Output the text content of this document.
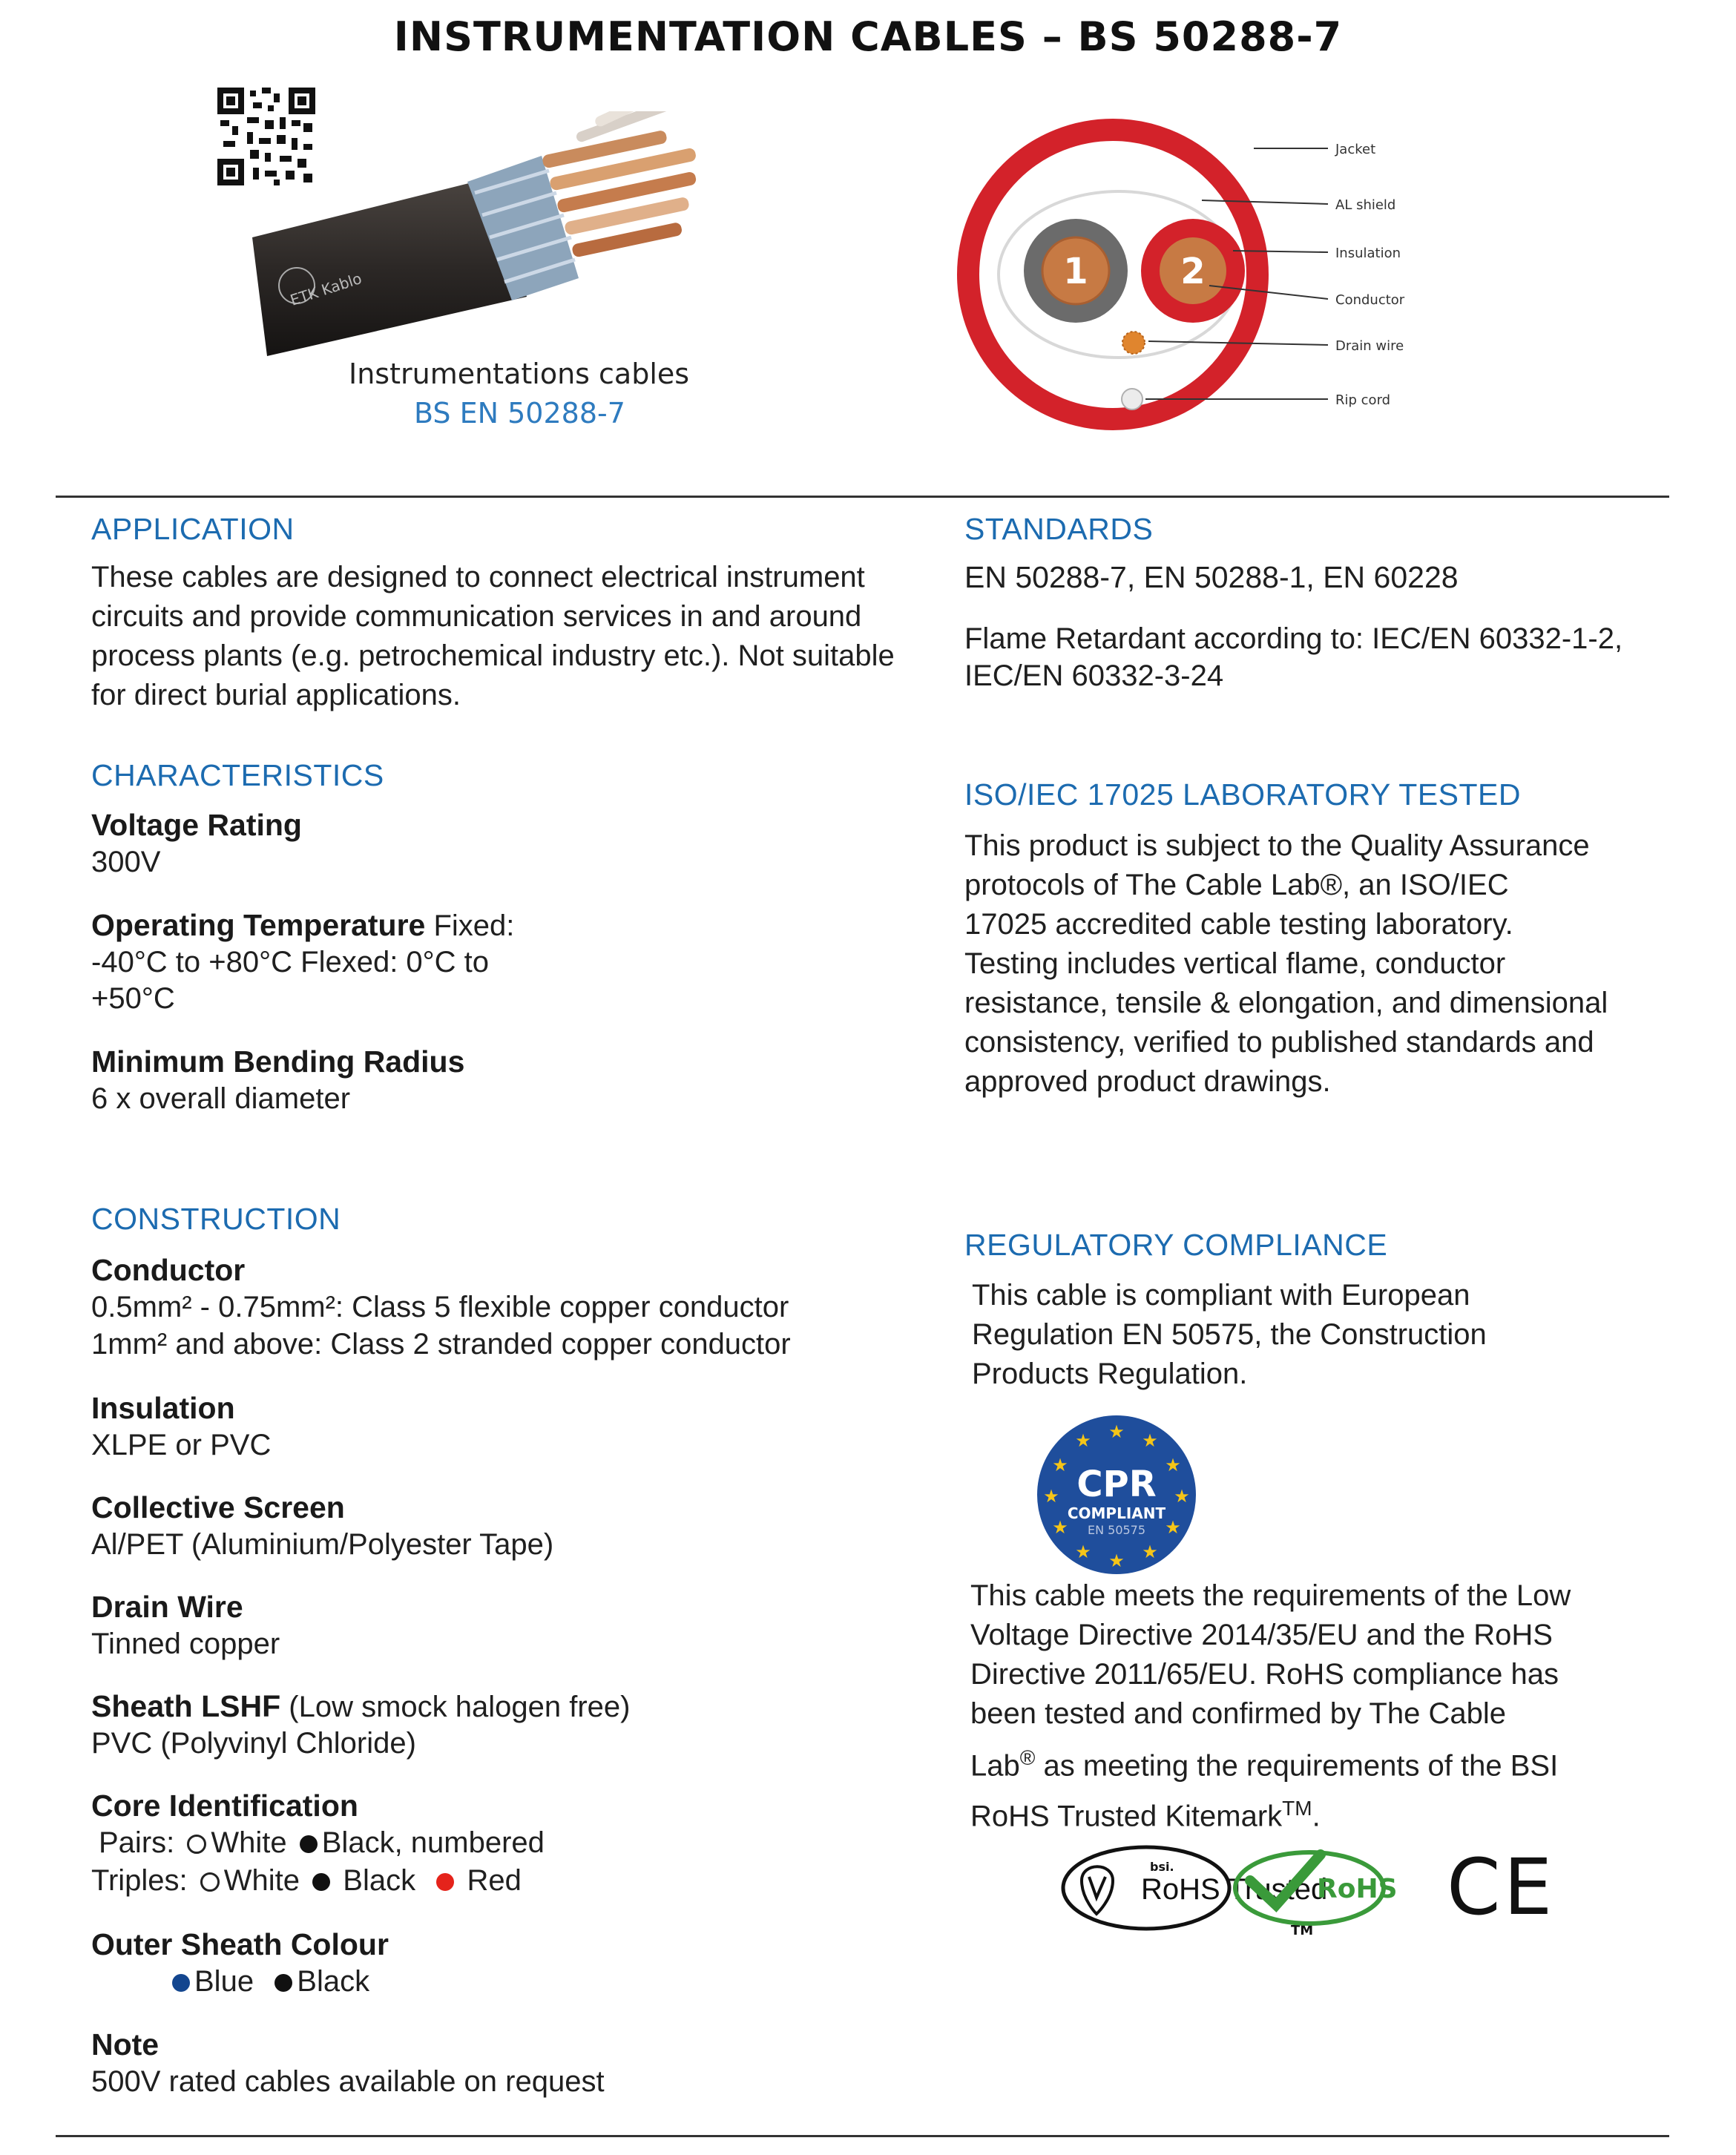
INSTRUMENTATION CABLES – BS 50288-7
ETK Kablo
Instrumentations cables
BS EN 50288-7
1	2
Jacket
AL shield
Insulation
Conductor
Drain wire
Rip cord
APPLICATION
These cables are designed to connect electrical instrument
circuits and provide communication services in and around
process plants (e.g. petrochemical industry etc.). Not suitable
for direct burial applications.
CHARACTERISTICS
Voltage Rating
300V
Operating Temperature Fixed:
-40°C to +80°C Flexed: 0°C to
+50°C
Minimum Bending Radius
6 x overall diameter
CONSTRUCTION
Conductor
0.5mm² - 0.75mm²: Class 5 flexible copper conductor
1mm² and above: Class 2 stranded copper conductor
Insulation
XLPE or PVC
Collective Screen
Al/PET (Aluminium/Polyester Tape)
Drain Wire
Tinned copper
Sheath LSHF (Low smock halogen free)
PVC (Polyvinyl Chloride)
Core Identification
Pairs: White Black, numbered
Triples: White Black Red
Outer Sheath Colour
Blue Black
Note
500V rated cables available on request
STANDARDS
EN 50288-7, EN 50288-1, EN 60228
Flame Retardant according to: IEC/EN 60332-1-2,
IEC/EN 60332-3-24
ISO/IEC 17025 LABORATORY TESTED
This product is subject to the Quality Assurance
protocols of The Cable Lab®, an ISO/IEC
17025 accredited cable testing laboratory.
Testing includes vertical flame, conductor
resistance, tensile & elongation, and dimensional
consistency, verified to published standards and
approved product drawings.
REGULATORY COMPLIANCE
This cable is compliant with European
Regulation EN 50575, the Construction
Products Regulation.
★ ★
★
★
★
★
★
★
★
★
★
★
CPR
COMPLIANT
EN 50575
This cable meets the requirements of the Low
Voltage Directive 2014/35/EU and the RoHS
Directive 2011/65/EU. RoHS compliance has
been tested and confirmed by The Cable
Lab® as meeting the requirements of the BSI
RoHS Trusted Kitemark™.
bsi.
RoHS Trusted
TM
RoHS CE
